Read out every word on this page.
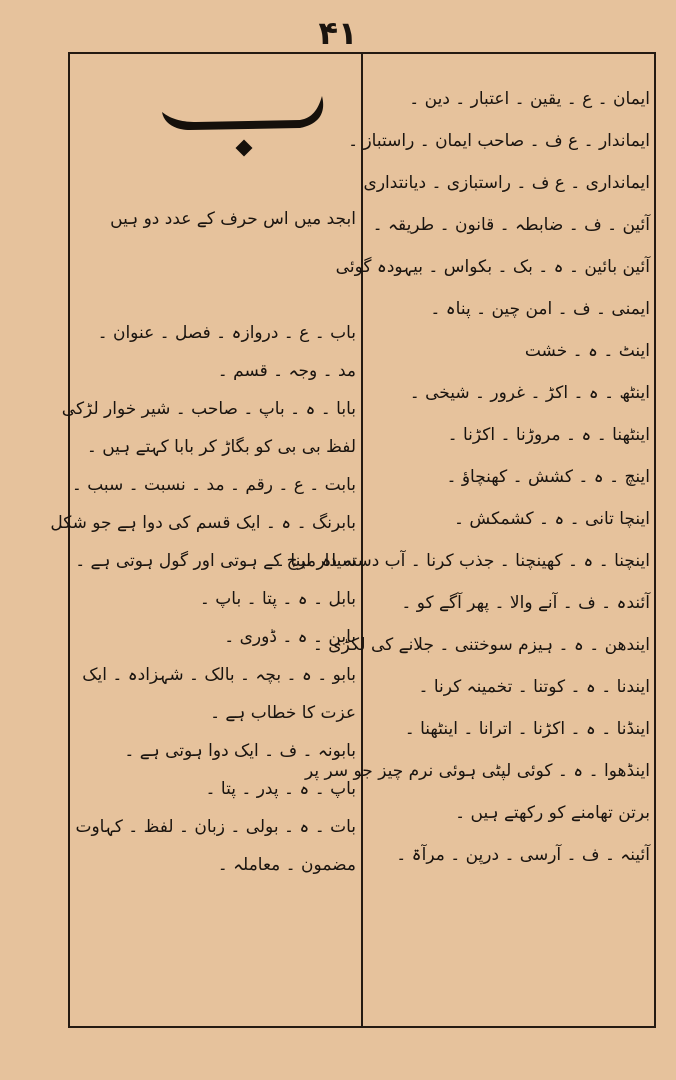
۴۱
ایمان ۔ ع ۔ یقین ۔ اعتبار ۔ دین ۔
ایماندار ۔ ع ف ۔ صاحب ایمان ۔ راستباز ۔
ایمانداری ۔ ع ف ۔ راستبازی ۔ دیانتداری
آئین ۔ ف ۔ ضابطہ ۔ قانون ۔ طریقہ ۔
آئین بائین ۔ ہ ۔ بک ۔ بکواس ۔ بیہودہ گوئی
ایمنی ۔ ف ۔ امن چین ۔ پناہ ۔
اینٹ ۔ ہ ۔ خشت
اینٹھ ۔ ہ ۔ اکڑ ۔ غرور ۔ شیخی ۔
اینٹھنا ۔ ہ ۔ مروڑنا ۔ اکڑنا ۔
اینچ ۔ ہ ۔ کشش ۔ کھنچاؤ ۔
اینچا تانی ۔ ہ ۔ کشمکش ۔
اینچنا ۔ ہ ۔ کھینچنا ۔ جذب کرنا ۔ آب دستہ دار لینا ۔
آئندہ ۔ ف ۔ آنے والا ۔ پھر آگے کو ۔
ایندھن ۔ ہ ۔ ہیزم سوختنی ۔ جلانے کی لکڑی ۔
ایندنا ۔ ہ ۔ کوتنا ۔ تخمینہ کرنا ۔
اینڈنا ۔ ہ ۔ اکڑنا ۔ اترانا ۔ اینٹھنا ۔
اینڈھوا ۔ ہ ۔ کوئی لپٹی ہوئی نرم چیز جو سر پر
برتن تھامنے کو رکھتے ہیں ۔
آئینہ ۔ ف ۔ آرسی ۔ درپن ۔ مرآۃ ۔
ابجد میں اس حرف کے عدد دو ہیں
باب ۔ ع ۔ دروازہ ۔ فصل ۔ عنوان ۔
مد ۔ وجہ ۔ قسم ۔
بابا ۔ ہ ۔ باپ ۔ صاحب ۔ شیر خوار لڑکی
لفظ بی بی کو بگاڑ کر بابا کہتے ہیں ۔
بابت ۔ ع ۔ رقم ۔ مد ۔ نسبت ۔ سبب ۔
بابرنگ ۔ ہ ۔ ایک قسم کی دوا ہے جو شکل
سیاہ مرچ کے ہوتی اور گول ہوتی ہے ۔
بابل ۔ ہ ۔ پتا ۔ باپ ۔
بابن ۔ ہ ۔ ڈوری ۔
بابو ۔ ہ ۔ بچہ ۔ بالک ۔ شہزادہ ۔ ایک
عزت کا خطاب ہے ۔
بابونہ ۔ ف ۔ ایک دوا ہوتی ہے ۔
باپ ۔ ہ ۔ پدر ۔ پتا ۔
بات ۔ ہ ۔ بولی ۔ زبان ۔ لفظ ۔ کہاوت
مضمون ۔ معاملہ ۔
